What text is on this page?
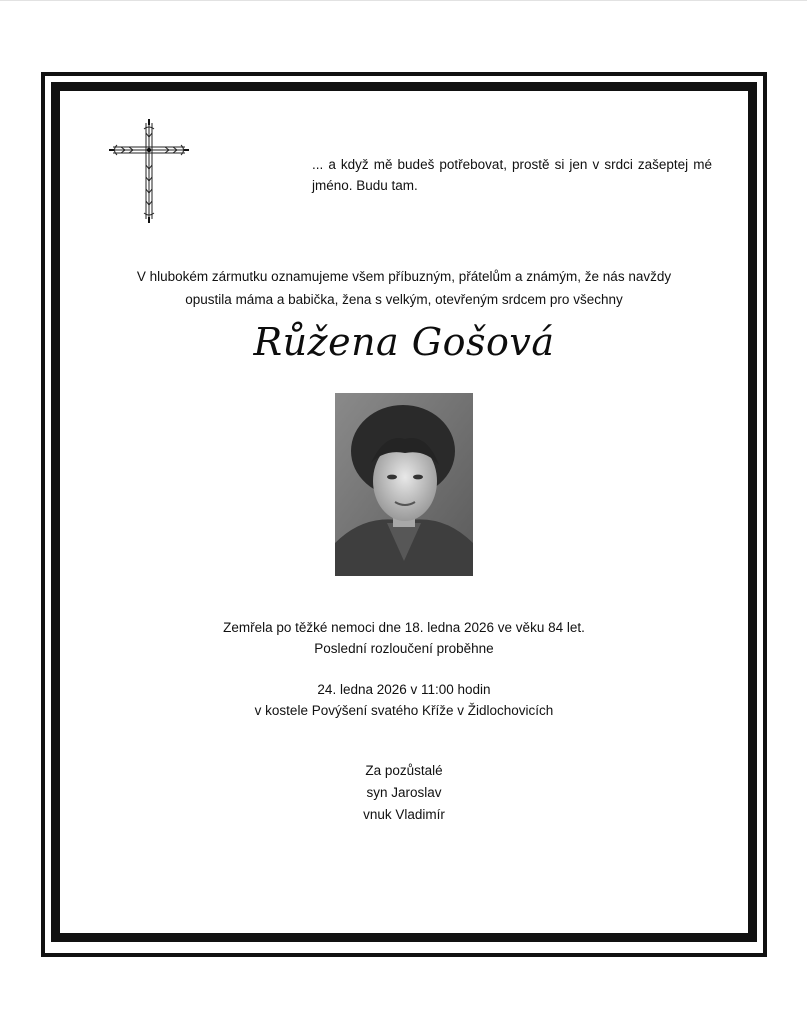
... a když mě budeš potřebovat, prostě si jen v srdci zašeptej mé jméno. Budu tam.
V hlubokém zármutku oznamujeme všem příbuzným, přátelům a známým, že nás navždy
opustila máma a babička, žena s velkým, otevřeným srdcem pro všechny
Růžena Gošová
Zemřela po těžké nemoci dne 18. ledna 2026 ve věku 84 let.
Poslední rozloučení proběhne
24. ledna 2026 v 11:00 hodin
v kostele Povýšení svatého Kříže v Židlochovicích
Za pozůstalé
syn Jaroslav
vnuk Vladimír
